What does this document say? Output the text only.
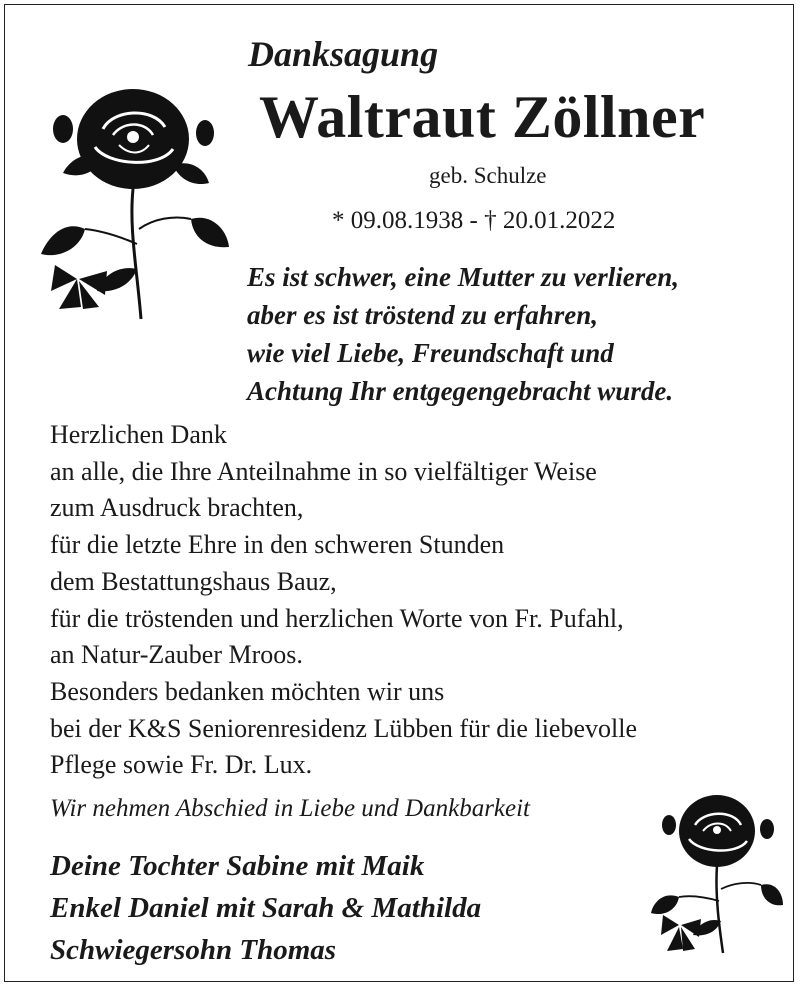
Danksagung
Waltraut Zöllner
geb. Schulze
* 09.08.1938 - † 20.01.2022
Es ist schwer, eine Mutter zu verlieren,
aber es ist tröstend zu erfahren,
wie viel Liebe, Freundschaft und
Achtung Ihr entgegengebracht wurde.
Herzlichen Dank
an alle, die Ihre Anteilnahme in so vielfältiger Weise
zum Ausdruck brachten,
für die letzte Ehre in den schweren Stunden
dem Bestattungshaus Bauz,
für die tröstenden und herzlichen Worte von Fr. Pufahl,
an Natur-Zauber Mroos.
Besonders bedanken möchten wir uns
bei der K&S Seniorenresidenz Lübben für die liebevolle
Pflege sowie Fr. Dr. Lux.
Wir nehmen Abschied in Liebe und Dankbarkeit
Deine Tochter Sabine mit Maik
Enkel Daniel mit Sarah & Mathilda
Schwiegersohn Thomas
